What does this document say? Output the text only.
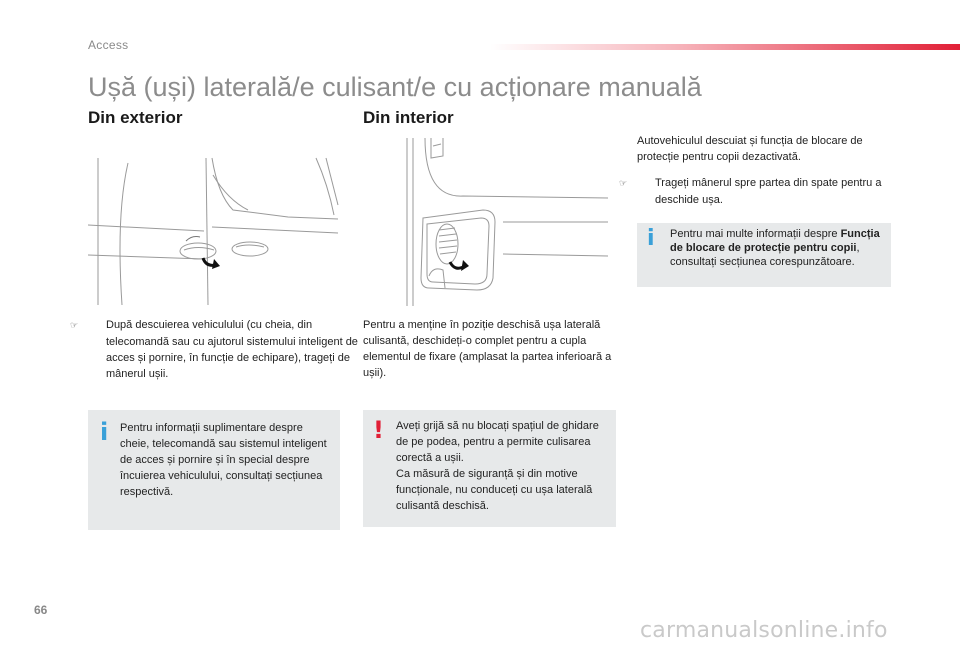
Access
Ușă (uși) laterală/e culisant/e cu acționare manuală
Din exterior
☞	După descuierea vehiculului (cu cheia, din telecomandă sau cu ajutorul sistemului inteligent de acces și pornire, în funcție de echipare), trageți de mânerul ușii.
i Pentru informații suplimentare despre cheie, telecomandă sau sistemul inteligent de acces și pornire și în special despre încuierea vehiculului, consultați secțiunea respectivă.
Din interior
Pentru a menține în poziție deschisă ușa laterală culisantă, deschideți-o complet pentru a cupla elementul de fixare (amplasat la partea inferioară a ușii).
! Aveți grijă să nu blocați spațiul de ghidare de pe podea, pentru a permite culisarea corectă a ușii.
Ca măsură de siguranță și din motive funcționale, nu conduceți cu ușa laterală culisantă deschisă.
Autovehiculul descuiat și funcția de blocare de protecție pentru copii dezactivată.
☞	Trageți mânerul spre partea din spate pentru a deschide ușa.
i Pentru mai multe informații despre Funcția de blocare de protecție pentru copii, consultați secțiunea corespunzătoare.
66
carmanualsonline.info
